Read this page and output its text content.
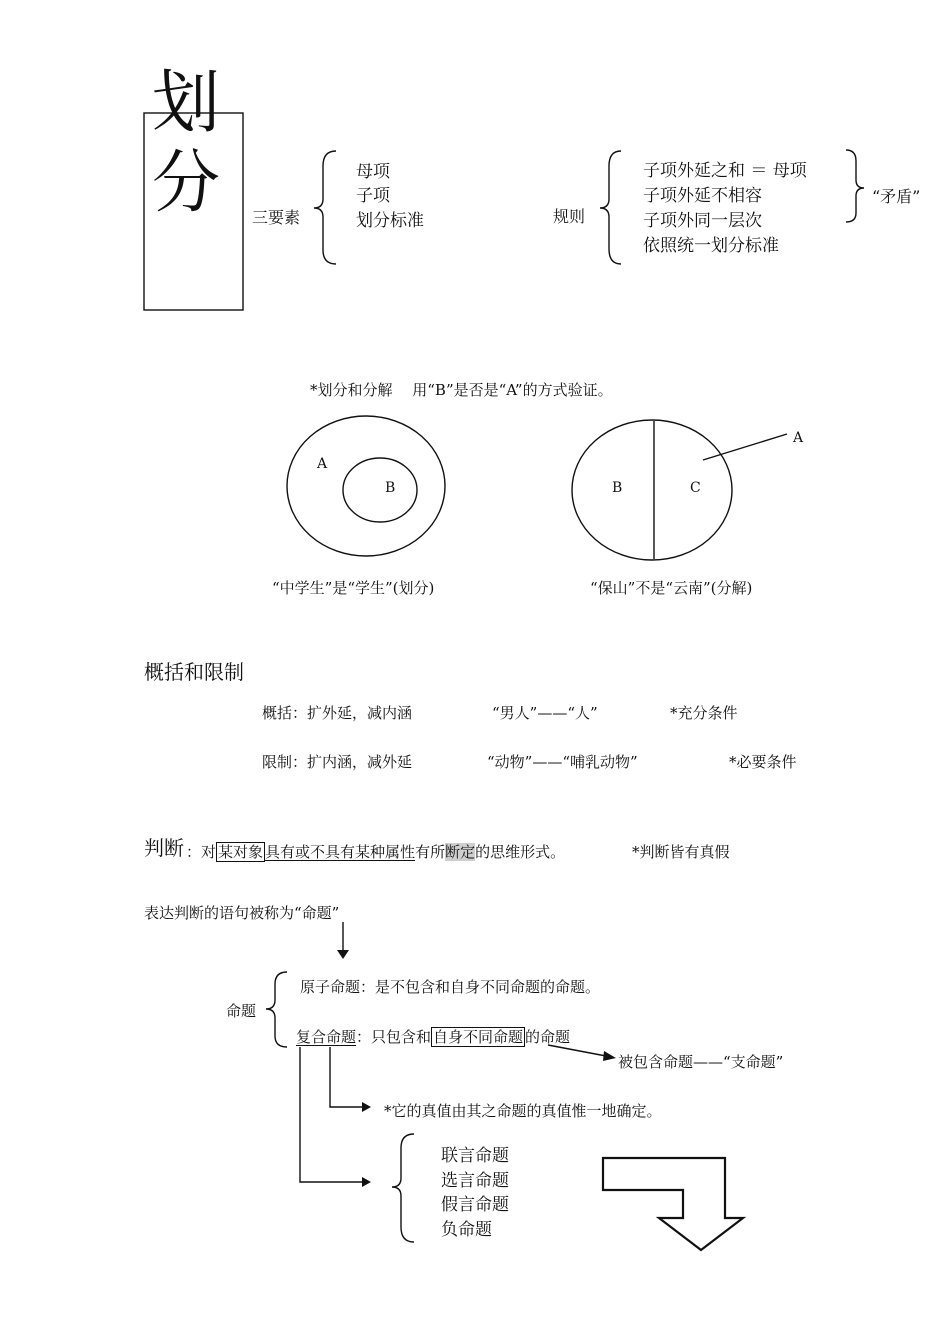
划
分 三要素
母项
子项
划分标准	规则
子项外延之和 ＝ 母项
子项外延不相容
子项外同一层次
依照统一划分标准
“矛盾”
*划分和分解　 用“B”是否是“A”的方式验证。
A
B
“中学生”是“学生”(划分)
B	C
A
“保山”不是“云南”(分解)
概括和限制
概括：扩外延，减内涵	“男人”——“人”	*充分条件
限制：扩内涵，减外延	“动物”——“哺乳动物”	*必要条件
判断 ：对 某对象 具有或不具有某种属性有所断定的思维形式。	*判断皆有真假
表达判断的语句被称为“命题”
命题
原子命题：是不包含和自身不同命题的命题。
复合命题：只包含和 自身不同命题 的命题
被包含命题——“支命题”
*它的真值由其之命题的真值惟一地确定。
联言命题
选言命题
假言命题
负命题
